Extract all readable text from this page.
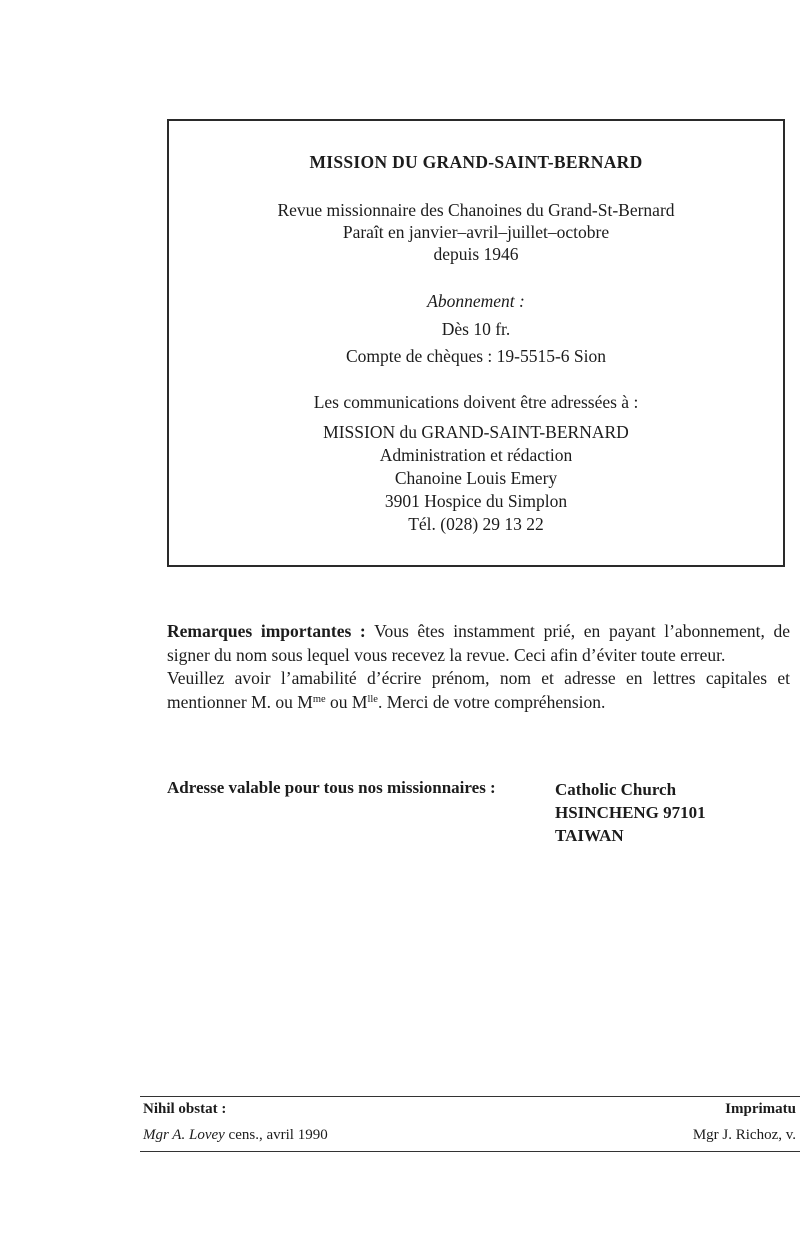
MISSION DU GRAND-SAINT-BERNARD
Revue missionnaire des Chanoines du Grand-St-Bernard
Paraît en janvier–avril–juillet–octobre
depuis 1946
Abonnement :
Dès 10 fr.
Compte de chèques : 19-5515-6 Sion
Les communications doivent être adressées à :
MISSION du GRAND-SAINT-BERNARD
Administration et rédaction
Chanoine Louis Emery
3901 Hospice du Simplon
Tél. (028) 29 13 22

Remarques importantes : Vous êtes instamment prié, en payant l’abonnement, de signer du nom sous lequel vous recevez la revue. Ceci afin d’éviter toute erreur.

Veuillez avoir l’amabilité d’écrire prénom, nom et adresse en lettres capitales et mentionner M. ou $M^{me}$ ou $M^{lle}$. Merci de votre compréhension.

Adresse valable pour tous nos missionnaires :	Catholic Church
HSINCHENG 97101
TAIWAN
Nihil obstat :	Imprimatu
Mgr A. Lovey cens., avril 1990	Mgr J. Richoz, v.
